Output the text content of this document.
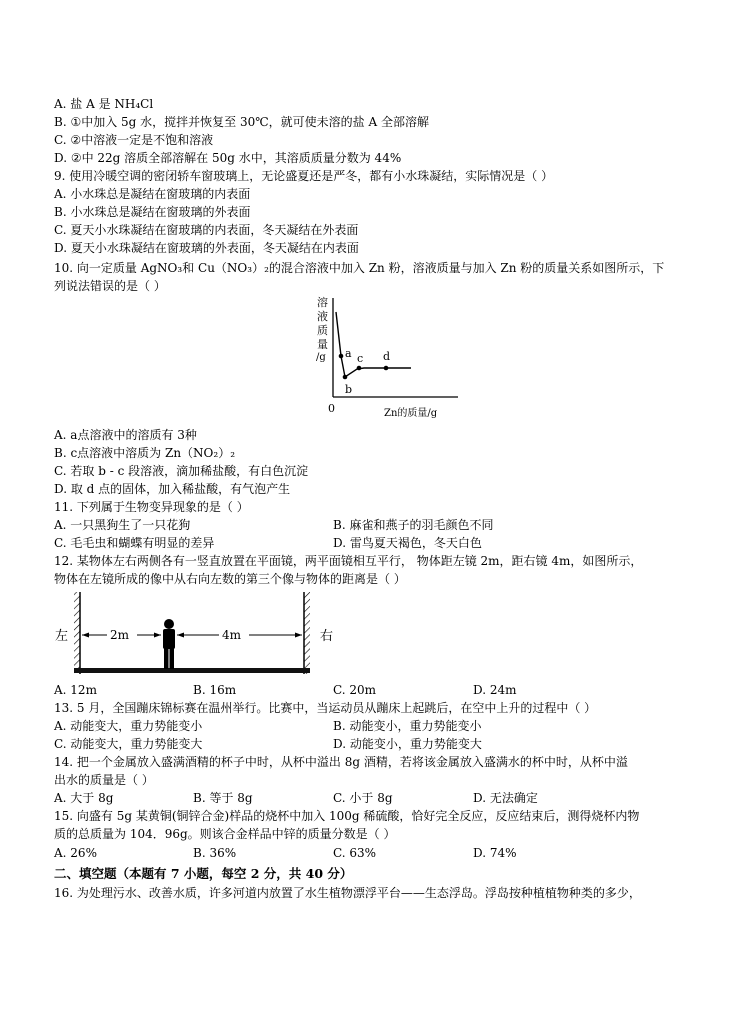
A. 盐 A 是 NH₄Cl
B. ①中加入 5g 水，搅拌并恢复至 30℃，就可使未溶的盐 A 全部溶解
C. ②中溶液一定是不饱和溶液
D. ②中 22g 溶质全部溶解在 50g 水中，其溶质质量分数为 44%
9. 使用冷暖空调的密闭轿车窗玻璃上，无论盛夏还是严冬，都有小水珠凝结，实际情况是（ ）
A. 小水珠总是凝结在窗玻璃的内表面
B. 小水珠总是凝结在窗玻璃的外表面
C. 夏天小水珠凝结在窗玻璃的内表面，冬天凝结在外表面
D. 夏天小水珠凝结在窗玻璃的外表面，冬天凝结在内表面
10. 向一定质量 AgNO₃和 Cu（NO₃）₂的混合溶液中加入 Zn 粉，溶液质量与加入 Zn 粉的质量关系如图所示，下
列说法错误的是（ ）
溶
液
质
量
/g a
b
c d
0	Zn的质量/g
A. a点溶液中的溶质有 3种
B. c点溶液中溶质为 Zn（NO₂）₂
C. 若取 b - c 段溶液，滴加稀盐酸，有白色沉淀
D. 取 d 点的固体，加入稀盐酸，有气泡产生
11. 下列属于生物变异现象的是（ ）
A. 一只黑狗生了一只花狗	B. 麻雀和燕子的羽毛颜色不同
C. 毛毛虫和蝴蝶有明显的差异	D. 雷鸟夏天褐色，冬天白色
12. 某物体左右两侧各有一竖直放置在平面镜，两平面镜相互平行， 物体距左镜 2m，距右镜 4m，如图所示，
物体在左镜所成的像中从右向左数的第三个像与物体的距离是（ ）
左	右
2m	4m
A. 12m	B. 16m	C. 20m	D. 24m
13. 5 月，全国蹦床锦标赛在温州举行。比赛中，当运动员从蹦床上起跳后，在空中上升的过程中（ ）
A. 动能变大，重力势能变小	B. 动能变小，重力势能变小
C. 动能变大，重力势能变大	D. 动能变小，重力势能变大
14. 把一个金属放入盛满酒精的杯子中时，从杯中溢出 8g 酒精，若将该金属放入盛满水的杯中时，从杯中溢
出水的质量是（ ）
A. 大于 8g	B. 等于 8g	C. 小于 8g	D. 无法确定
15. 向盛有 5g 某黄铜(铜锌合金)样品的烧杯中加入 100g 稀硫酸，恰好完全反应，反应结束后，测得烧杯内物
质的总质量为 104．96g。则该合金样品中锌的质量分数是（ ）
A. 26%	B. 36%	C. 63%	D. 74%
二、填空题（本题有 7 小题，每空 2 分，共 40 分）
16. 为处理污水、改善水质，许多河道内放置了水生植物漂浮平台——生态浮岛。浮岛按种植植物种类的多少，
